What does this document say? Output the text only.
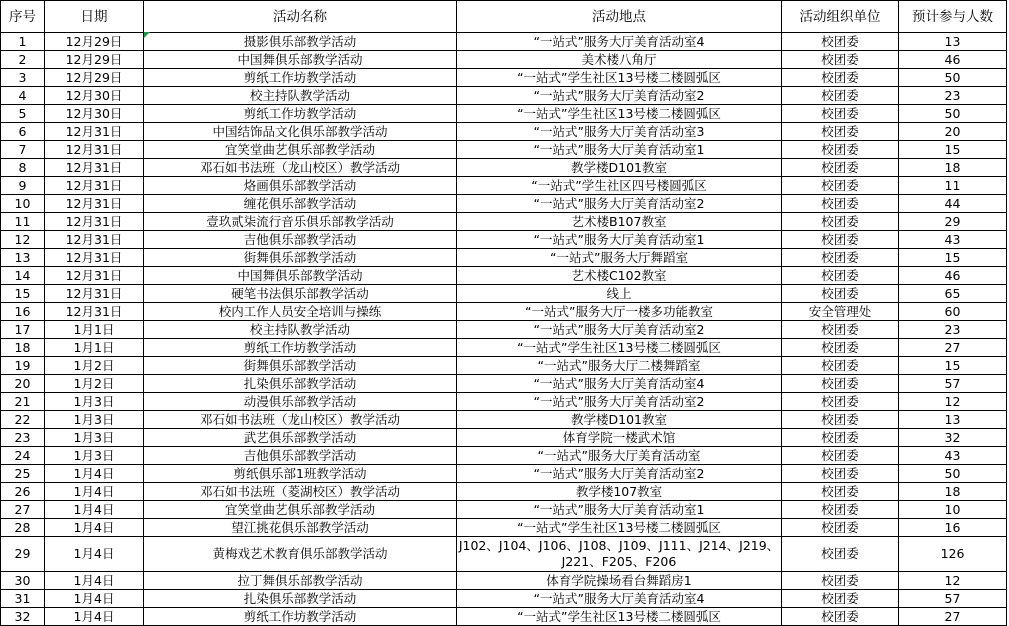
序号	日期	活动名称	活动地点	活动组织单位	预计参与人数
1	12月29日	摄影俱乐部教学活动	“一站式”服务大厅美育活动室4	校团委	13
2	12月29日	中国舞俱乐部教学活动	美术楼八角厅	校团委	46
3	12月29日	剪纸工作坊教学活动	“一站式”学生社区13号楼二楼圆弧区	校团委	50
4	12月30日	校主持队教学活动	“一站式”服务大厅美育活动室2	校团委	23
5	12月30日	剪纸工作坊教学活动	“一站式”学生社区13号楼二楼圆弧区	校团委	50
6	12月31日	中国结饰品文化俱乐部教学活动	“一站式”服务大厅美育活动室3	校团委	20
7	12月31日	宜笑堂曲艺俱乐部教学活动	“一站式”服务大厅美育活动室1	校团委	15
8	12月31日	邓石如书法班（龙山校区）教学活动	教学楼D101教室	校团委	18
9	12月31日	烙画俱乐部教学活动	“一站式”学生社区四号楼圆弧区	校团委	11
10	12月31日	缠花俱乐部教学活动	“一站式”服务大厅美育活动室2	校团委	44
11	12月31日	壹玖贰柒流行音乐俱乐部教学活动	艺术楼B107教室	校团委	29
12	12月31日	吉他俱乐部教学活动	“一站式”服务大厅美育活动室1	校团委	43
13	12月31日	街舞俱乐部教学活动	“一站式”服务大厅舞蹈室	校团委	15
14	12月31日	中国舞俱乐部教学活动	艺术楼C102教室	校团委	46
15	12月31日	硬笔书法俱乐部教学活动	线上	校团委	65
16	12月31日	校内工作人员安全培训与操练	“一站式”服务大厅一楼多功能教室	安全管理处	60
17	1月1日	校主持队教学活动	“一站式”服务大厅美育活动室2	校团委	23
18	1月1日	剪纸工作坊教学活动	“一站式”学生社区13号楼二楼圆弧区	校团委	27
19	1月2日	街舞俱乐部教学活动	“一站式”服务大厅二楼舞蹈室	校团委	15
20	1月2日	扎染俱乐部教学活动	“一站式”服务大厅美育活动室4	校团委	57
21	1月3日	动漫俱乐部教学活动	“一站式”服务大厅美育活动室2	校团委	12
22	1月3日	邓石如书法班（龙山校区）教学活动	教学楼D101教室	校团委	13
23	1月3日	武艺俱乐部教学活动	体育学院一楼武术馆	校团委	32
24	1月3日	吉他俱乐部教学活动	“一站式”服务大厅美育活动室	校团委	43
25	1月4日	剪纸俱乐部1班教学活动	“一站式”服务大厅美育活动室2	校团委	50
26	1月4日	邓石如书法班（菱湖校区）教学活动	教学楼107教室	校团委	18
27	1月4日	宜笑堂曲艺俱乐部教学活动	“一站式”服务大厅美育活动室1	校团委	10
28	1月4日	望江挑花俱乐部教学活动	“一站式”学生社区13号楼二楼圆弧区	校团委	16
29	1月4日	黄梅戏艺术教育俱乐部教学活动	J102、J104、J106、J108、J109、J111、J214、J219、J221、F205、F206	校团委	126
30	1月4日	拉丁舞俱乐部教学活动	体育学院操场看台舞蹈房1	校团委	12
31	1月4日	扎染俱乐部教学活动	“一站式”服务大厅美育活动室4	校团委	57
32	1月4日	剪纸工作坊教学活动	“一站式”学生社区13号楼二楼圆弧区	校团委	27
